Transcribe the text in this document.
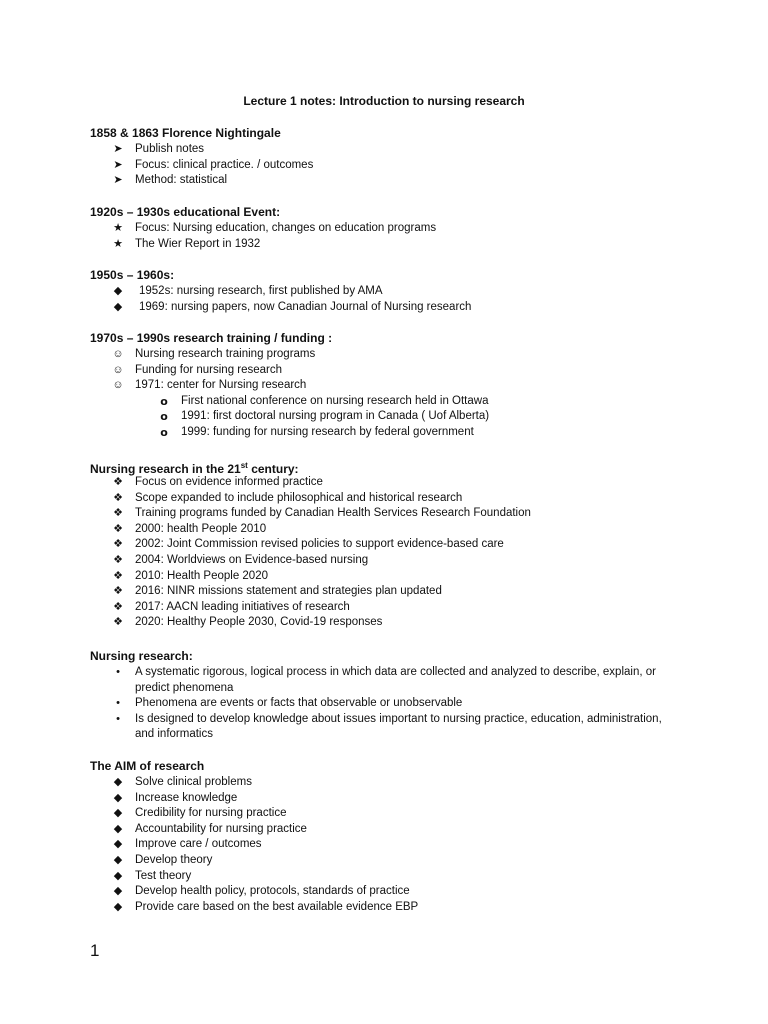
Lecture 1 notes: Introduction to nursing research
1858 & 1863 Florence Nightingale
➤ Publish notes
➤ Focus: clinical practice. / outcomes
➤ Method: statistical
1920s – 1930s educational Event:
★ Focus: Nursing education, changes on education programs
★ The Wier Report in 1932
1950s – 1960s:
◆	1952s: nursing research, first published by AMA
◆	1969: nursing papers, now Canadian Journal of Nursing research
1970s – 1990s research training / funding :
☺ Nursing research training programs
☺ Funding for nursing research
☺ 1971: center for Nursing research
o	First national conference on nursing research held in Ottawa
o	1991: first doctoral nursing program in Canada ( Uof Alberta)
o	1999: funding for nursing research by federal government
Nursing research in the 21st century:
❖ Focus on evidence informed practice
❖ Scope expanded to include philosophical and historical research
❖ Training programs funded by Canadian Health Services Research Foundation
❖ 2000: health People 2010
❖ 2002: Joint Commission revised policies to support evidence-based care
❖ 2004: Worldviews on Evidence-based nursing
❖ 2010: Health People 2020
❖ 2016: NINR missions statement and strategies plan updated
❖ 2017: AACN leading initiatives of research
❖ 2020: Healthy People 2030, Covid-19 responses
Nursing research:
•	A systematic rigorous, logical process in which data are collected and analyzed to describe, explain, or
predict phenomena
•	Phenomena are events or facts that observable or unobservable
•	Is designed to develop knowledge about issues important to nursing practice, education, administration,
and informatics
The AIM of research
◆	Solve clinical problems
◆	Increase knowledge
◆	Credibility for nursing practice
◆	Accountability for nursing practice
◆	Improve care / outcomes
◆	Develop theory
◆	Test theory
◆	Develop health policy, protocols, standards of practice
◆	Provide care based on the best available evidence EBP
1
